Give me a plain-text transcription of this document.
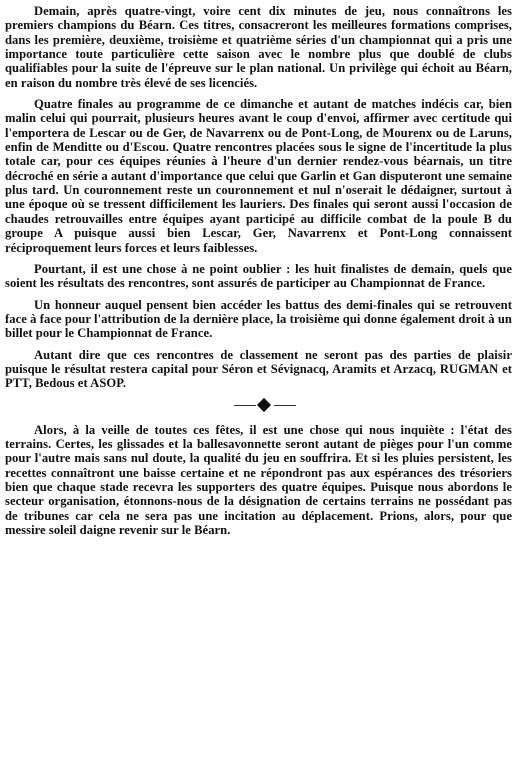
Demain, après quatre-vingt, voire cent dix minutes de jeu, nous connaîtrons les premiers champions du Béarn. Ces titres, consacreront les meilleures formations comprises, dans les première, deuxième, troisième et quatrième séries d'un championnat qui a pris une importance toute particulière cette saison avec le nombre plus que doublé de clubs qualifiables pour la suite de l'épreuve sur le plan national. Un privilège qui échoit au Béarn, en raison du nombre très élevé de ses licenciés.

Quatre finales au programme de ce dimanche et autant de matches indécis car, bien malin celui qui pourrait, plusieurs heures avant le coup d'envoi, affirmer avec certitude qui l'emportera de Lescar ou de Ger, de Navarrenx ou de Pont-Long, de Mourenx ou de Laruns, enfin de Menditte ou d'Escou. Quatre rencontres placées sous le signe de l'incertitude la plus totale car, pour ces équipes réunies à l'heure d'un dernier rendez-vous béarnais, un titre décroché en série a autant d'importance que celui que Garlin et Gan disputeront une semaine plus tard. Un couronnement reste un couronnement et nul n'oserait le dédaigner, surtout à une époque où se tressent difficilement les lauriers. Des finales qui seront aussi l'occasion de chaudes retrouvailles entre équipes ayant participé au difficile combat de la poule B du groupe A puisque aussi bien Lescar, Ger, Navarrenx et Pont-Long connaissent réciproquement leurs forces et leurs faiblesses.

Pourtant, il est une chose à ne point oublier : les huit finalistes de demain, quels que soient les résultats des rencontres, sont assurés de participer au Championnat de France.

Un honneur auquel pensent bien accéder les battus des demi-finales qui se retrouvent face à face pour l'attribution de la dernière place, la troisième qui donne également droit à un billet pour le Championnat de France.

Autant dire que ces rencontres de classement ne seront pas des parties de plaisir puisque le résultat restera capital pour Séron et Sévignacq, Aramits et Arzacq, RUGMAN et PTT, Bedous et ASOP.

Alors, à la veille de toutes ces fêtes, il est une chose qui nous inquiète : l'état des terrains. Certes, les glissades et la ballesavonnette seront autant de pièges pour l'un comme pour l'autre mais sans nul doute, la qualité du jeu en souffrira. Et si les pluies persistent, les recettes connaîtront une baisse certaine et ne répondront pas aux espérances des trésoriers bien que chaque stade recevra les supporters des quatre équipes. Puisque nous abordons le secteur organisation, étonnons-nous de la désignation de certains terrains ne possédant pas de tribunes car cela ne sera pas une incitation au déplacement. Prions, alors, pour que messire soleil daigne revenir sur le Béarn.
